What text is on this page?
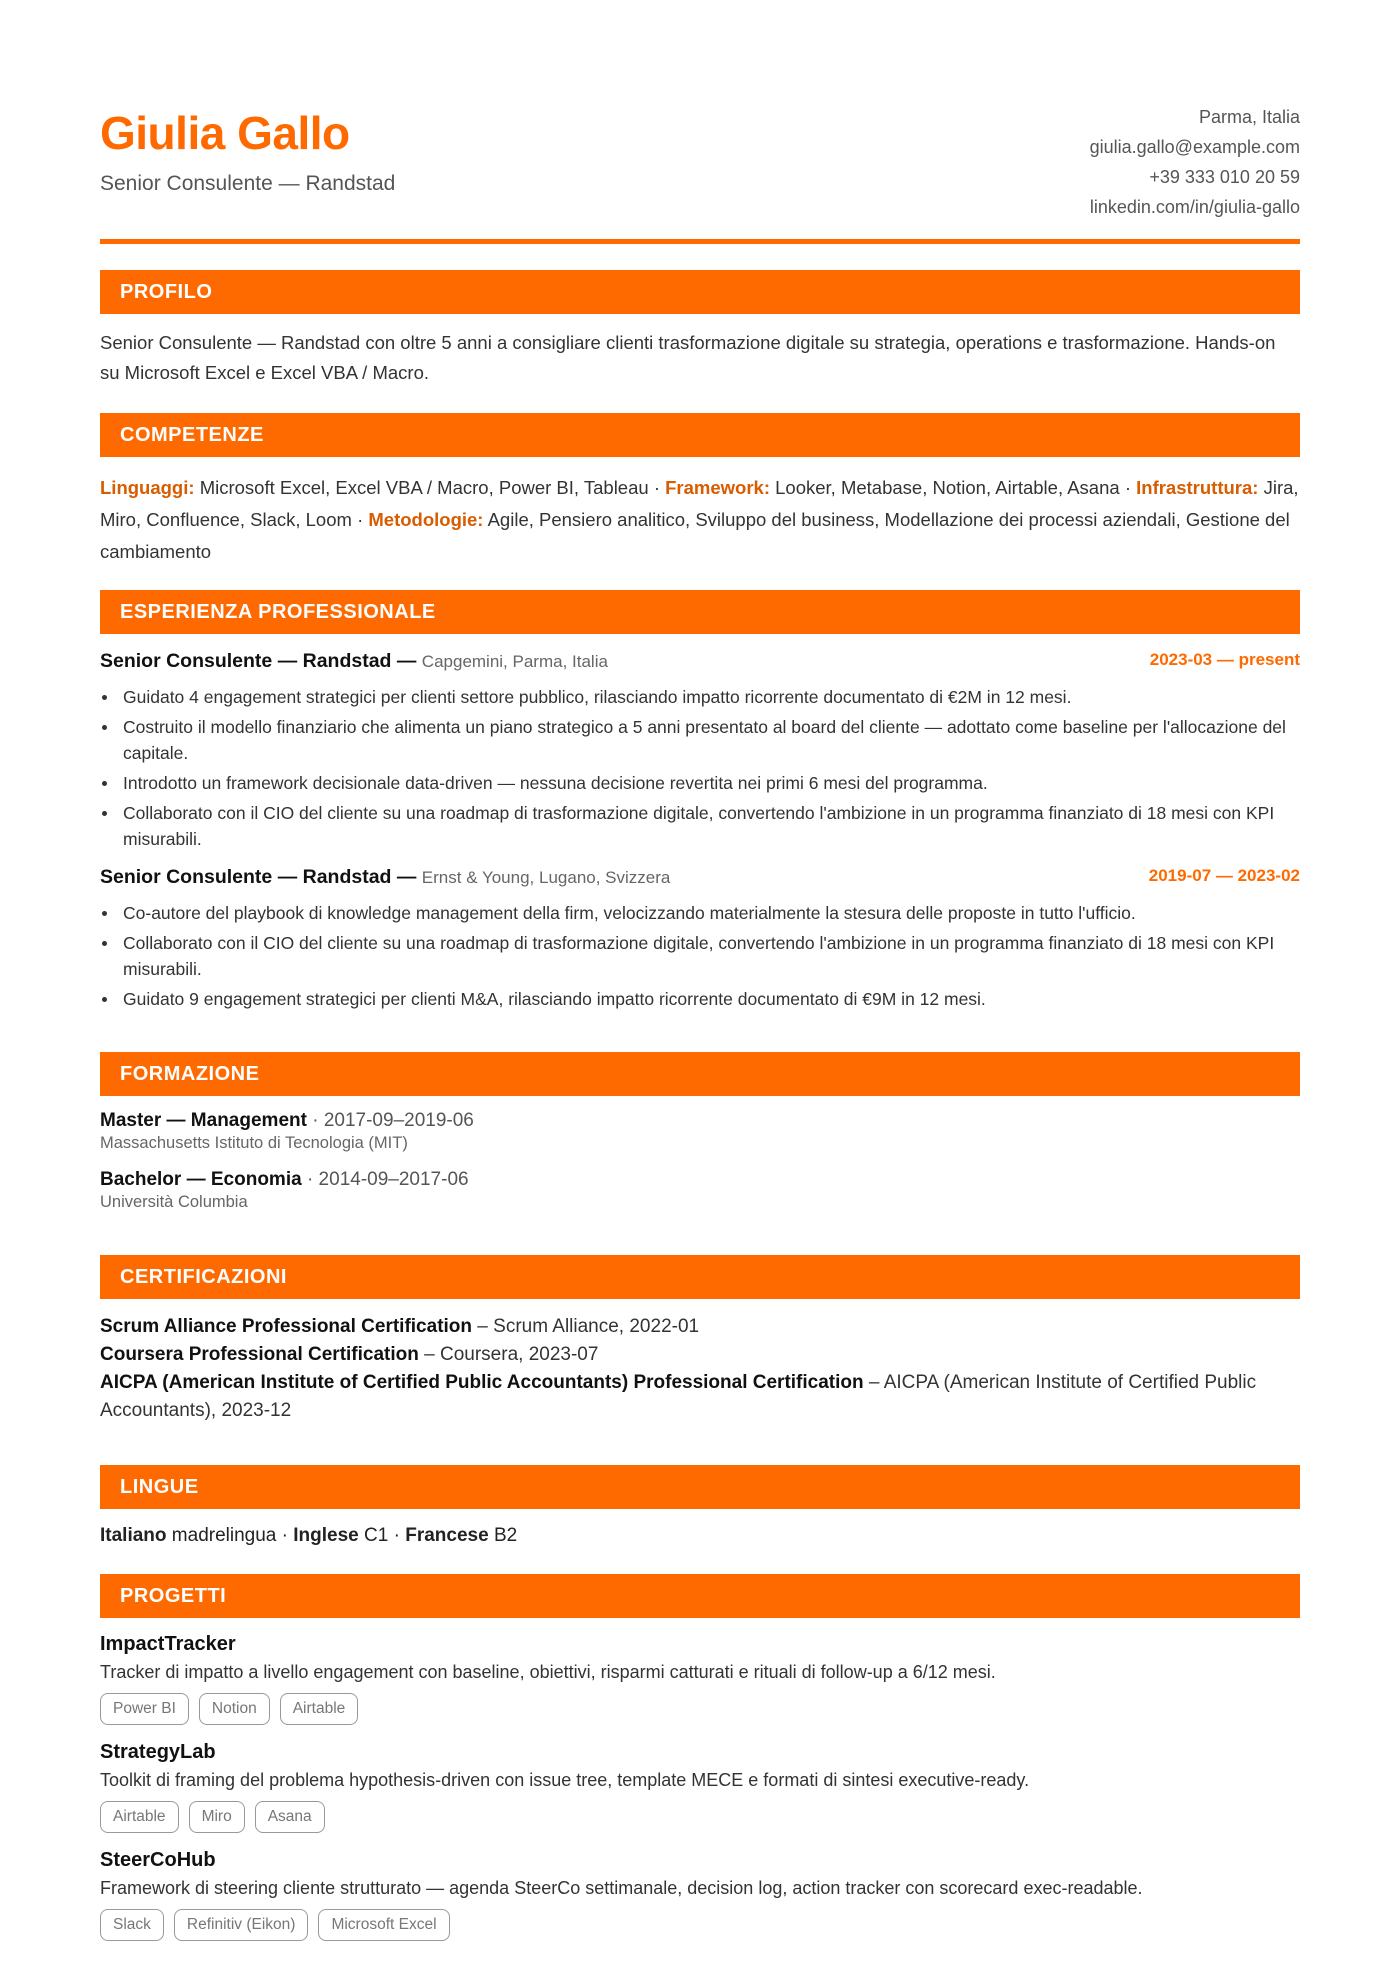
Giulia Gallo
Senior Consulente — Randstad
Parma, Italia
giulia.gallo@example.com
+39 333 010 20 59
linkedin.com/in/giulia-gallo
PROFILO
Senior Consulente — Randstad con oltre 5 anni a consigliare clienti trasformazione digitale su strategia, operations e trasformazione. Hands-on su Microsoft Excel e Excel VBA / Macro.
COMPETENZE
Linguaggi: Microsoft Excel, Excel VBA / Macro, Power BI, Tableau · Framework: Looker, Metabase, Notion, Airtable, Asana · Infrastruttura: Jira, Miro, Confluence, Slack, Loom · Metodologie: Agile, Pensiero analitico, Sviluppo del business, Modellazione dei processi aziendali, Gestione del cambiamento
ESPERIENZA PROFESSIONALE
Senior Consulente — Randstad — Capgemini, Parma, Italia	2023-03 — present
Guidato 4 engagement strategici per clienti settore pubblico, rilasciando impatto ricorrente documentato di €2M in 12 mesi.
Costruito il modello finanziario che alimenta un piano strategico a 5 anni presentato al board del cliente — adottato come baseline per l'allocazione del capitale.
Introdotto un framework decisionale data-driven — nessuna decisione revertita nei primi 6 mesi del programma.
Collaborato con il CIO del cliente su una roadmap di trasformazione digitale, convertendo l'ambizione in un programma finanziato di 18 mesi con KPI misurabili.
Senior Consulente — Randstad — Ernst & Young, Lugano, Svizzera	2019-07 — 2023-02
Co-autore del playbook di knowledge management della firm, velocizzando materialmente la stesura delle proposte in tutto l'ufficio.
Collaborato con il CIO del cliente su una roadmap di trasformazione digitale, convertendo l'ambizione in un programma finanziato di 18 mesi con KPI misurabili.
Guidato 9 engagement strategici per clienti M&A, rilasciando impatto ricorrente documentato di €9M in 12 mesi.
FORMAZIONE
Master — Management · 2017-09–2019-06
Massachusetts Istituto di Tecnologia (MIT)
Bachelor — Economia · 2014-09–2017-06
Università Columbia
CERTIFICAZIONI
Scrum Alliance Professional Certification – Scrum Alliance, 2022-01
Coursera Professional Certification – Coursera, 2023-07
AICPA (American Institute of Certified Public Accountants) Professional Certification – AICPA (American Institute of Certified Public Accountants), 2023-12
LINGUE
Italiano madrelingua · Inglese C1 · Francese B2
PROGETTI
ImpactTracker
Tracker di impatto a livello engagement con baseline, obiettivi, risparmi catturati e rituali di follow-up a 6/12 mesi.
Power BI	Notion	Airtable
StrategyLab
Toolkit di framing del problema hypothesis-driven con issue tree, template MECE e formati di sintesi executive-ready.
Airtable	Miro	Asana
SteerCoHub
Framework di steering cliente strutturato — agenda SteerCo settimanale, decision log, action tracker con scorecard exec-readable.
Slack	Refinitiv (Eikon)	Microsoft Excel
